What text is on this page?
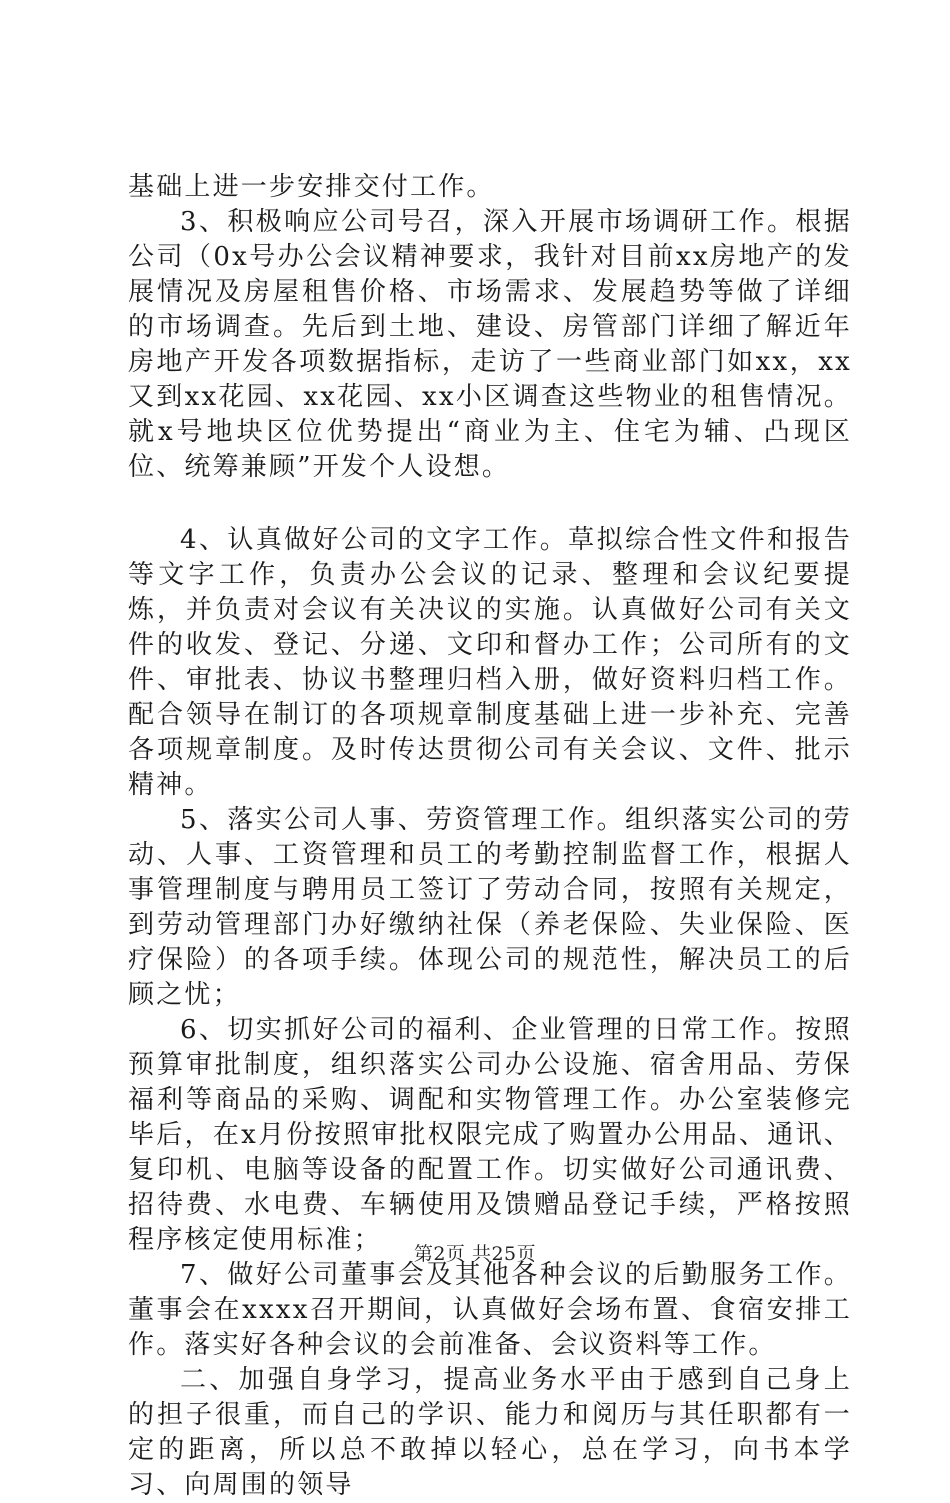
基础上进一步安排交付工作。

3、积极响应公司号召，深入开展市场调研工作。根据公司（0x号办公会议精神要求，我针对目前xx房地产的发展情况及房屋租售价格、市场需求、发展趋势等做了详细的市场调查。先后到土地、建设、房管部门详细了解近年房地产开发各项数据指标，走访了一些商业部门如xx，xx又到xx花园、xx花园、xx小区调查这些物业的租售情况。就x号地块区位优势提出“商业为主、住宅为辅、凸现区位、统筹兼顾”开发个人设想。

4、认真做好公司的文字工作。草拟综合性文件和报告等文字工作，负责办公会议的记录、整理和会议纪要提炼，并负责对会议有关决议的实施。认真做好公司有关文件的收发、登记、分递、文印和督办工作；公司所有的文件、审批表、协议书整理归档入册，做好资料归档工作。配合领导在制订的各项规章制度基础上进一步补充、完善各项规章制度。及时传达贯彻公司有关会议、文件、批示精神。

5、落实公司人事、劳资管理工作。组织落实公司的劳动、人事、工资管理和员工的考勤控制监督工作，根据人事管理制度与聘用员工签订了劳动合同，按照有关规定，到劳动管理部门办好缴纳社保（养老保险、失业保险、医疗保险）的各项手续。体现公司的规范性，解决员工的后顾之忧；

6、切实抓好公司的福利、企业管理的日常工作。按照预算审批制度，组织落实公司办公设施、宿舍用品、劳保福利等商品的采购、调配和实物管理工作。办公室装修完毕后，在x月份按照审批权限完成了购置办公用品、通讯、复印机、电脑等设备的配置工作。切实做好公司通讯费、招待费、水电费、车辆使用及馈赠品登记手续，严格按照程序核定使用标准；

7、做好公司董事会及其他各种会议的后勤服务工作。董事会在xxxx召开期间，认真做好会场布置、食宿安排工作。落实好各种会议的会前准备、会议资料等工作。

二、加强自身学习，提高业务水平由于感到自己身上的担子很重，而自己的学识、能力和阅历与其任职都有一定的距离，所以总不敢掉以轻心，总在学习，向书本学习、向周围的领导

第2页 共25页
